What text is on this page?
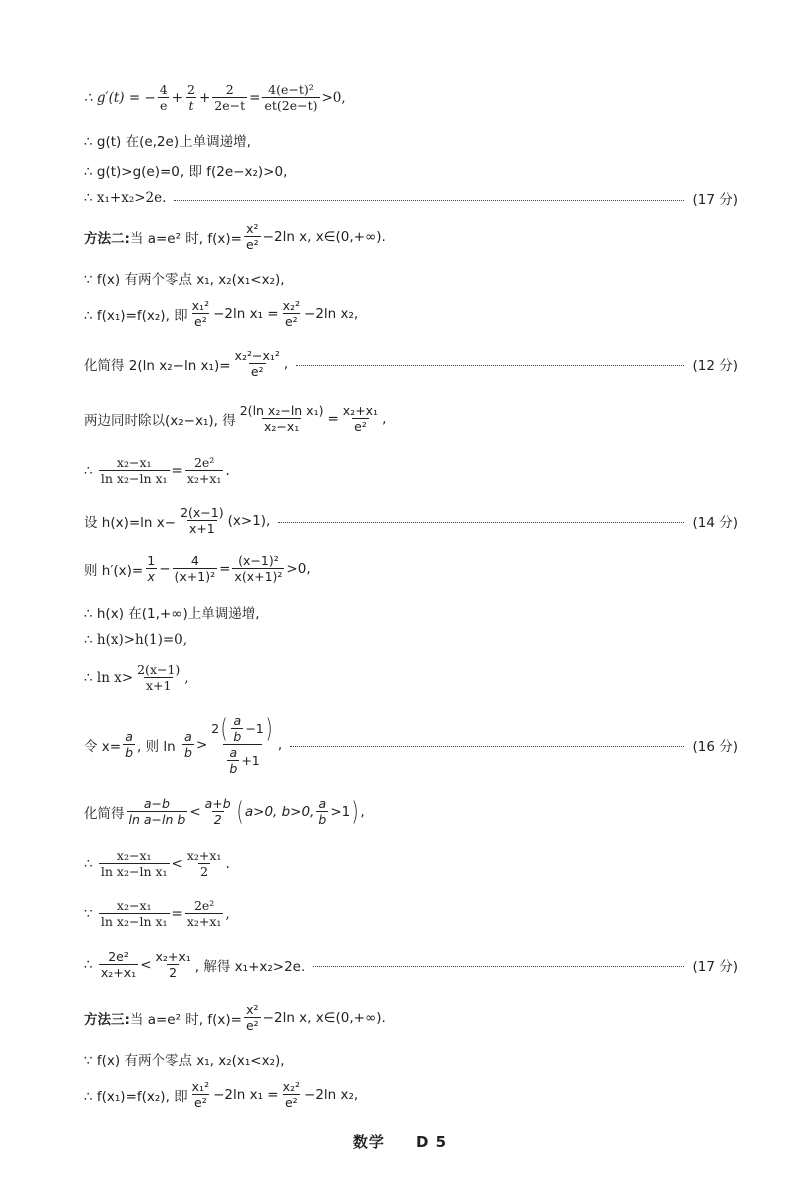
∴
g′(t) = − $\frac{4}{e} + \frac{2}{t} + \frac{2}{2e-t} = \frac{\text{4(e−t)²}}{et(2e-t)} >0$,
∴ g(t) 在(e,2e)上单调递增,
∴ g(t)>g(e)=0, 即 f(2e−x₂)>0,
∴ x₁+x₂>2e.	(17 分)
方法二: 当 a=e² 时, $f(x)= \frac{\text{x²}}{\text{e²}} -2\ln$ x, x∈(0,+∞).
∵ f(x) 有两个零点 x₁, x₂(x₁<x₂),
∴ f(x₁)=f(x₂), 即 $\frac{\text{x₁²}}{\text{e²}} -2\ln$ $x_1 = \frac{\text{x₂²}}{\text{e²}} -2\ln$ x₂,
化简得 2(ln x₂−ln $x_1)= \frac{\text{x₂²−x₁²}}{\text{e²}}$ ,	(12 分)
两边同时除以(x₂−x₁), 得 $\frac{\text{2(ln x₂−ln x₁)}}{\text{x₂−x₁}} = \frac{\text{x₂+x₁}}{\text{e²}}$ ,
∴
$\frac{\text{x₂−x₁}}{\text{ln x₂−ln x₁}} = \frac{\text{2e²}}{\text{x₂+x₁}}$ .
设 h(x)=ln $x- \frac{2(x-1)}{x+1} (x>1)$,	(14 分)
则 $h'(x)= \frac{1}{x} - \frac{4}{\text{(x+1)²}} = \frac{\text{(x−1)²}}{\text{x(x+1)²}} >0$,
∴ h(x) 在(1,+∞)上单调递增,
∴ h(x)>h(1)=0,
∴ $\ln x> \frac{2(x-1)}{x+1}$ ,
令 $x= \frac{a}{b}$ , 则 ln
$\frac{a}{b} > \frac{2 ( \frac{a}{b} -1 )}{\frac{a}{b} +1}$ ,	(16 分)
化简得 $\frac{a-b}{\text{ln a−ln b}} < \frac{a+b}{2}$ ( a>0, b>0, $\frac{a}{b} >1$ ) ,
∴
$\frac{\text{x₂−x₁}}{\text{ln x₂−ln x₁}} < \frac{\text{x₂+x₁}}{2}$ .
∵
$\frac{\text{x₂−x₁}}{\text{ln x₂−ln x₁}} = \frac{\text{2e²}}{\text{x₂+x₁}}$ ,
∴
$\frac{\text{2e²}}{\text{x₂+x₁}} < \frac{\text{x₂+x₁}}{2}$ , 解得 x₁+x₂>2e.	(17 分)
方法三: 当 a=e² 时, $f(x)= \frac{\text{x²}}{\text{e²}} -2\ln$ x, x∈(0,+∞).
∵ f(x) 有两个零点 x₁, x₂(x₁<x₂),
∴ f(x₁)=f(x₂), 即 $\frac{\text{x₁²}}{\text{e²}} -2\ln$ $x_1 = \frac{\text{x₂²}}{\text{e²}} -2\ln$ x₂,
数学 D 5
